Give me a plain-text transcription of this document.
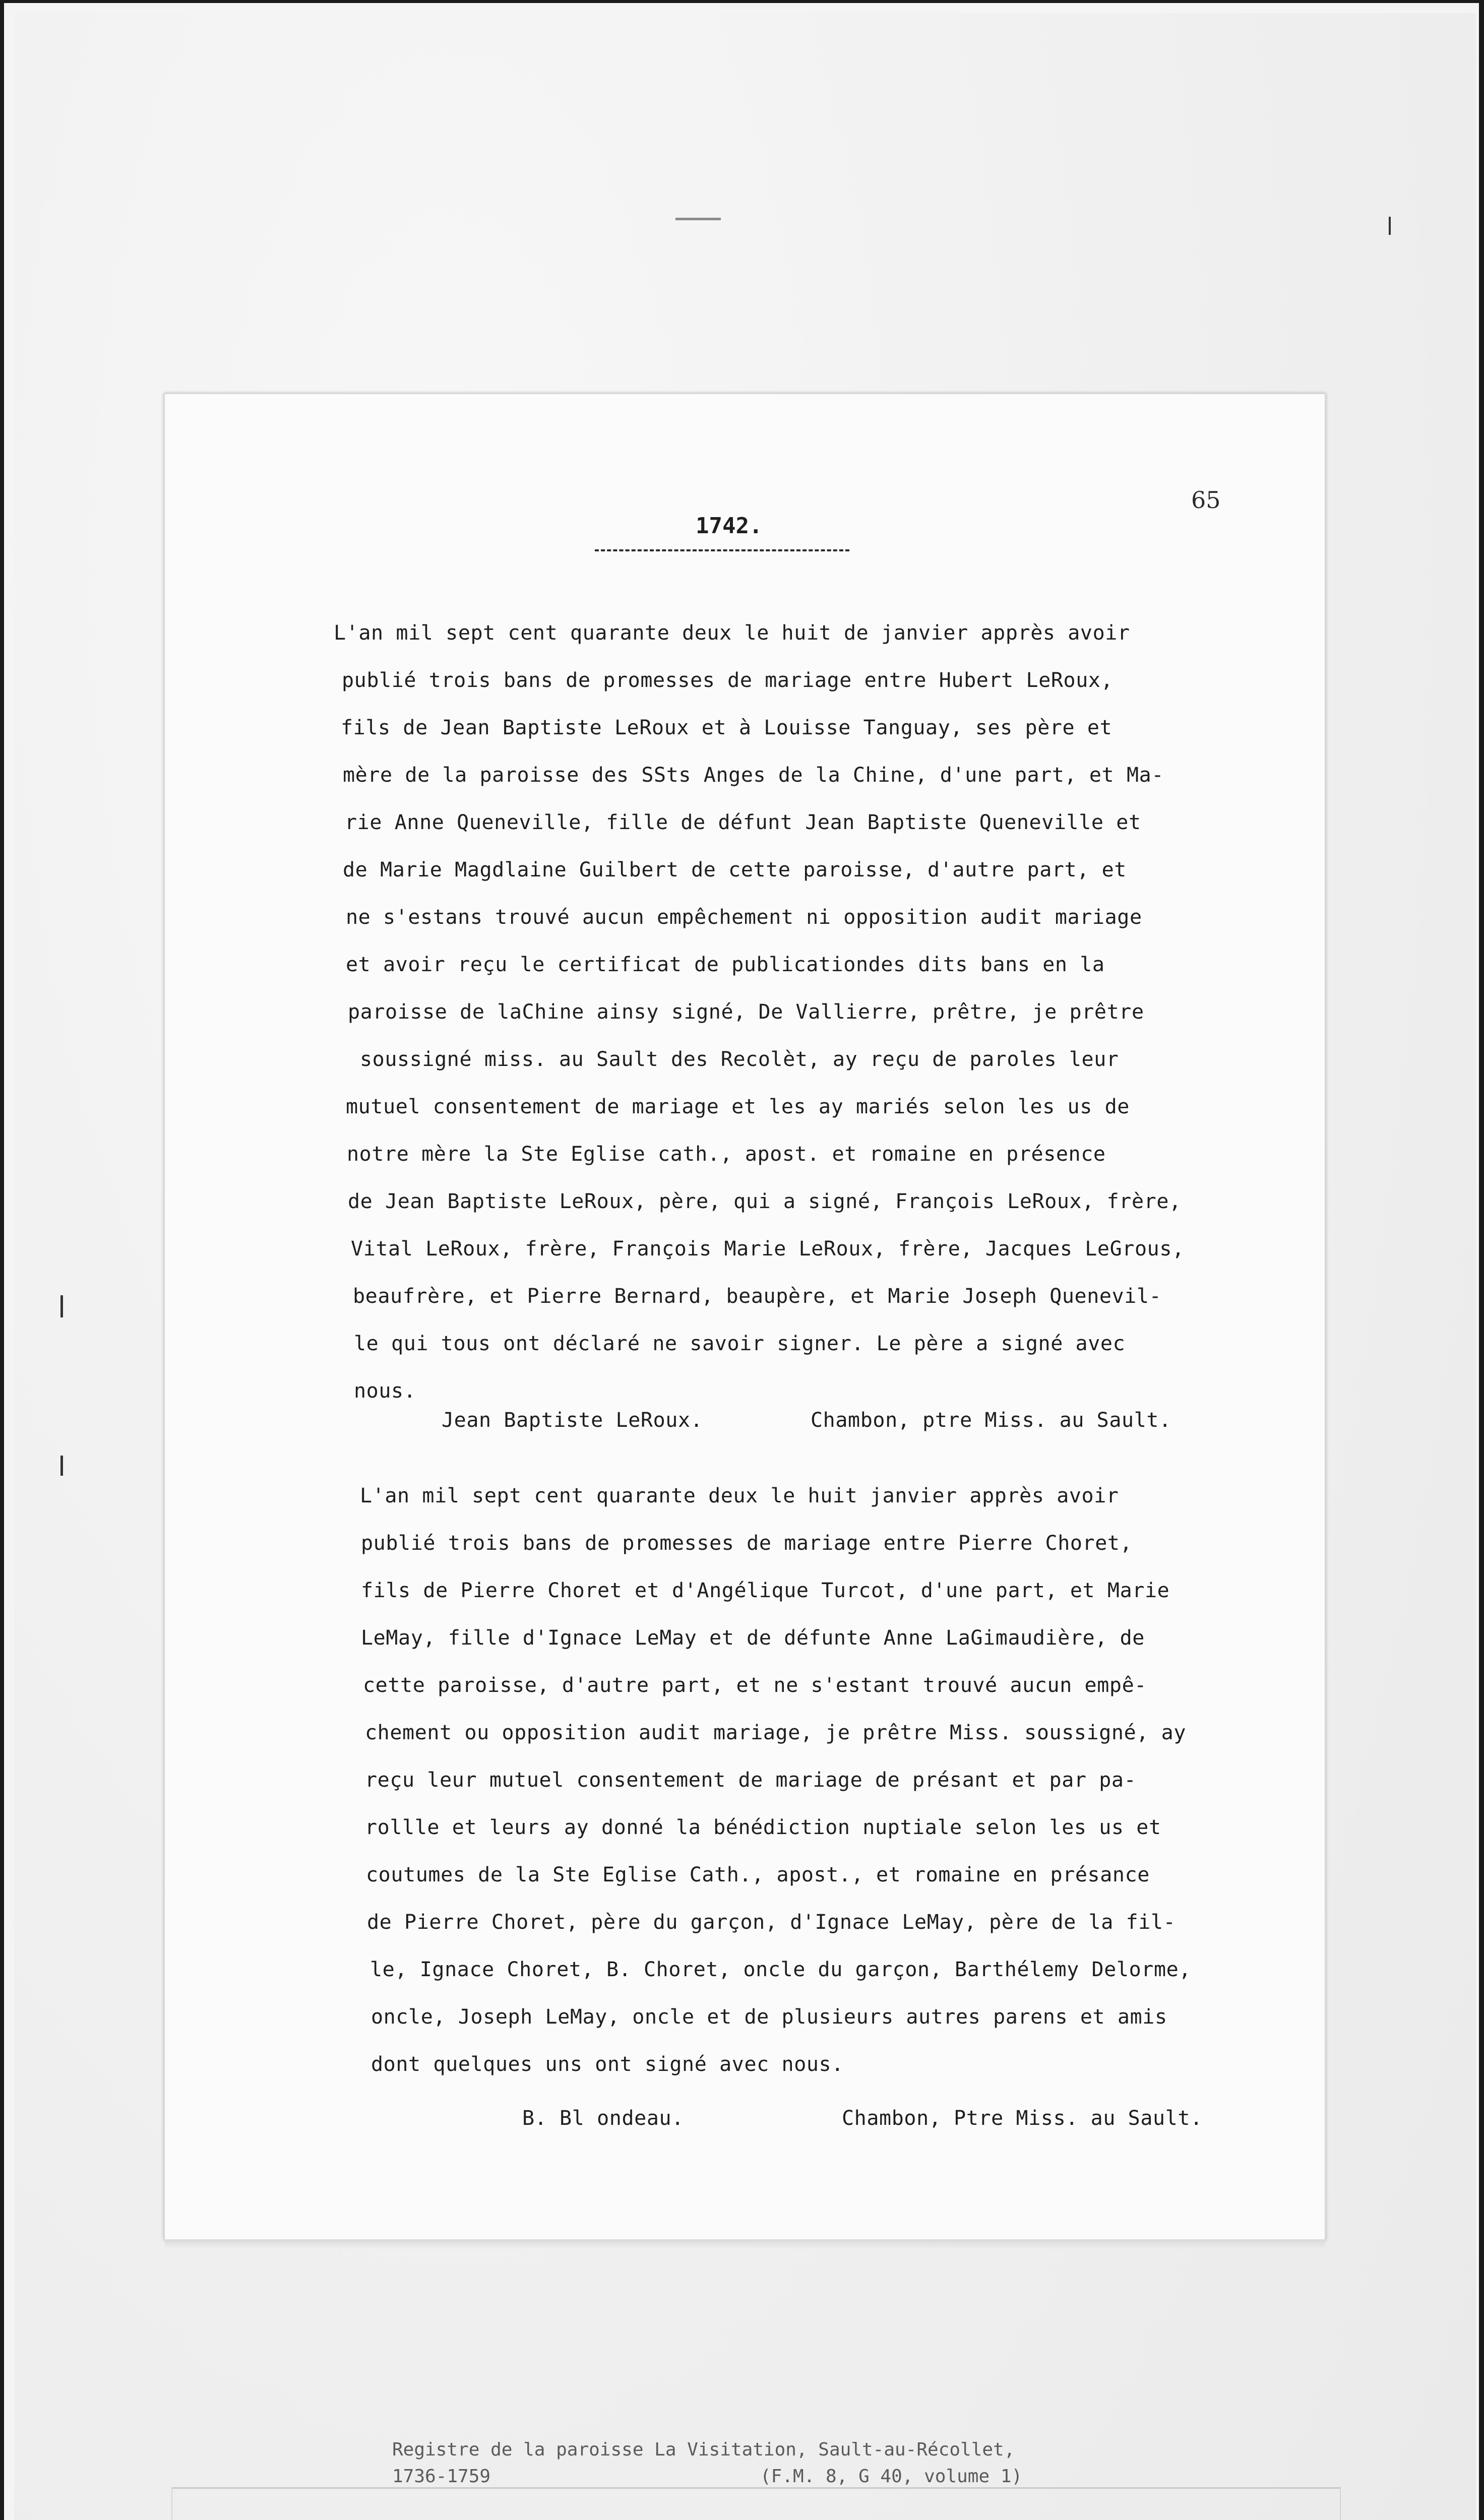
1742.
65
L'an mil sept cent quarante deux le huit de janvier apprès avoir
publié trois bans de promesses de mariage entre Hubert LeRoux,
fils de Jean Baptiste LeRoux et à Louisse Tanguay, ses père et
mère de la paroisse des SSts Anges de la Chine, d'une part, et Ma-
rie Anne Queneville, fille de défunt Jean Baptiste Queneville et
de Marie Magdlaine Guilbert de cette paroisse, d'autre part, et
ne s'estans trouvé aucun empêchement ni opposition audit mariage
et avoir reçu le certificat de publicationdes dits bans en la
paroisse de laChine ainsy signé, De Vallierre, prêtre, je prêtre
soussigné miss. au Sault des Recolèt, ay reçu de paroles leur
mutuel consentement de mariage et les ay mariés selon les us de
notre mère la Ste Eglise cath., apost. et romaine en présence
de Jean Baptiste LeRoux, père, qui a signé, François LeRoux, frère,
Vital LeRoux, frère, François Marie LeRoux, frère, Jacques LeGrous,
beaufrère, et Pierre Bernard, beaupère, et Marie Joseph Quenevil-
le qui tous ont déclaré ne savoir signer. Le père a signé avec
nous.
Jean Baptiste LeRoux.	Chambon, ptre Miss. au Sault.
L'an mil sept cent quarante deux le huit janvier apprès avoir
publié trois bans de promesses de mariage entre Pierre Choret,
fils de Pierre Choret et d'Angélique Turcot, d'une part, et Marie
LeMay, fille d'Ignace LeMay et de défunte Anne LaGimaudière, de
cette paroisse, d'autre part, et ne s'estant trouvé aucun empê-
chement ou opposition audit mariage, je prêtre Miss. soussigné, ay
reçu leur mutuel consentement de mariage de présant et par pa-
rollle et leurs ay donné la bénédiction nuptiale selon les us et
coutumes de la Ste Eglise Cath., apost., et romaine en présance
de Pierre Choret, père du garçon, d'Ignace LeMay, père de la fil-
le, Ignace Choret, B. Choret, oncle du garçon, Barthélemy Delorme,
oncle, Joseph LeMay, oncle et de plusieurs autres parens et amis
dont quelques uns ont signé avec nous.
B. Bl ondeau.	Chambon, Ptre Miss. au Sault.
Registre de la paroisse La Visitation, Sault-au-Récollet,
1736-1759	(F.M. 8, G 40, volume 1)
